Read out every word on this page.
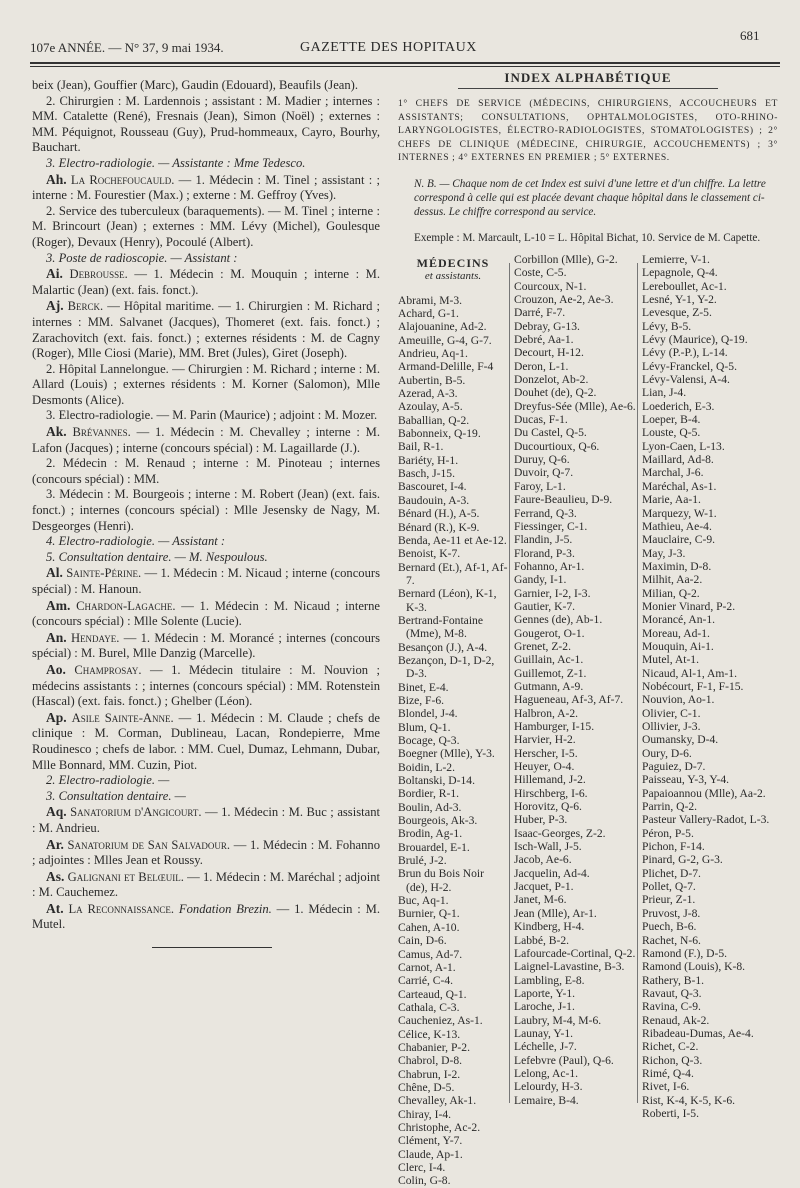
107e ANNÉE. — N° 37, 9 mai 1934.	GAZETTE DES HOPITAUX
681

beix (Jean), Gouffier (Marc), Gaudin (Edouard), Beaufils (Jean).

2. Chirurgien : M. Lardennois ; assistant : M. Madier ; internes : MM. Catalette (René), Fresnais (Jean), Simon (Noël) ; externes : MM. Péquignot, Rousseau (Guy), Prud-hommeaux, Cayro, Bourhy, Bauchart.

3. Electro-radiologie. — Assistante : Mme Tedesco.

Ah. La Rochefoucauld. — 1. Médecin : M. Tinel ; assistant : ; interne : M. Fourestier (Max.) ; externe : M. Geffroy (Yves).

2. Service des tuberculeux (baraquements). — M. Tinel ; interne : M. Brincourt (Jean) ; externes : MM. Lévy (Michel), Goulesque (Roger), Devaux (Henry), Pocoulé (Albert).

3. Poste de radioscopie. — Assistant :

Ai. Debrousse. — 1. Médecin : M. Mouquin ; interne : M. Malartic (Jean) (ext. fais. fonct.).

Aj. Berck. — Hôpital maritime. — 1. Chirurgien : M. Richard ; internes : MM. Salvanet (Jacques), Thomeret (ext. fais. fonct.) ; Zarachovitch (ext. fais. fonct.) ; externes résidents : M. de Cagny (Roger), Mlle Ciosi (Marie), MM. Bret (Jules), Giret (Joseph).

2. Hôpital Lannelongue. — Chirurgien : M. Richard ; interne : M. Allard (Louis) ; externes résidents : M. Korner (Salomon), Mlle Desmonts (Alice).

3. Electro-radiologie. — M. Parin (Maurice) ; adjoint : M. Mozer.

Ak. Brévannes. — 1. Médecin : M. Chevalley ; interne : M. Lafon (Jacques) ; interne (concours spécial) : M. Lagaillarde (J.).

2. Médecin : M. Renaud ; interne : M. Pinoteau ; internes (concours spécial) : MM.

3. Médecin : M. Bourgeois ; interne : M. Robert (Jean) (ext. fais. fonct.) ; internes (concours spécial) : Mlle Jesensky de Nagy, M. Desgeorges (Henri).

4. Electro-radiologie. — Assistant :

5. Consultation dentaire. — M. Nespoulous.

Al. Sainte-Périne. — 1. Médecin : M. Nicaud ; interne (concours spécial) : M. Hanoun.

Am. Chardon-Lagache. — 1. Médecin : M. Nicaud ; interne (concours spécial) : Mlle Solente (Lucie).

An. Hendaye. — 1. Médecin : M. Morancé ; internes (concours spécial) : M. Burel, Mlle Danzig (Marcelle).

Ao. Champrosay. — 1. Médecin titulaire : M. Nouvion ; médecins assistants : ; internes (concours spécial) : MM. Rotenstein (Hascal) (ext. fais. fonct.) ; Ghelber (Léon).

Ap. Asile Sainte-Anne. — 1. Médecin : M. Claude ; chefs de clinique : M. Corman, Dublineau, Lacan, Rondepierre, Mme Roudinesco ; chefs de labor. : MM. Cuel, Dumaz, Lehmann, Dubar, Mlle Bonnard, MM. Cuzin, Piot.

2. Electro-radiologie. —

3. Consultation dentaire. —

Aq. Sanatorium d'Angicourt. — 1. Médecin : M. Buc ; assistant : M. Andrieu.

Ar. Sanatorium de San Salvadour. — 1. Médecin : M. Fohanno ; adjointes : Mlles Jean et Roussy.

As. Galignani et Belœuil. — 1. Médecin : M. Maréchal ; adjoint : M. Cauchemez.

At. La Reconnaissance. Fondation Brezin. — 1. Médecin : M. Mutel.

INDEX ALPHABÉTIQUE

1° CHEFS DE SERVICE (MÉDECINS, CHIRURGIENS, ACCOUCHEURS ET ASSISTANTS; CONSULTATIONS, OPHTALMOLOGISTES, OTO-RHINO-LARYNGOLOGISTES, ÉLECTRO-RADIOLOGISTES, STOMATOLOGISTES) ; 2° CHEFS DE CLINIQUE (MÉDECINE, CHIRURGIE, ACCOUCHEMENTS) ; 3° INTERNES ; 4° EXTERNES EN PREMIER ; 5° EXTERNES.

N. B. — Chaque nom de cet Index est suivi d'une lettre et d'un chiffre. La lettre correspond à celle qui est placée devant chaque hôpital dans le classement ci-dessus. Le chiffre correspond au service.

Exemple : M. Marcault, L-10 = L. Hôpital Bichat, 10. Service de M. Capette.

MÉDECINS
et assistants.
Abrami, M-3.
Achard, G-1.
Alajouanine, Ad-2.
Ameuille, G-4, G-7.
Andrieu, Aq-1.
Armand-Delille, F-4
Aubertin, B-5.
Azerad, A-3.
Azoulay, A-5.
Baballian, Q-2.
Babonneix, Q-19.
Bail, R-1.
Bariéty, H-1.
Basch, J-15.
Bascouret, I-4.
Baudouin, A-3.
Bénard (H.), A-5.
Bénard (R.), K-9.
Benda, Ae-11 et Ae-12.
Benoist, K-7.
Bernard (Et.), Af-1, Af-7.
Bernard (Léon), K-1, K-3.
Bertrand-Fontaine (Mme), M-8.
Besançon (J.), A-4.
Bezançon, D-1, D-2, D-3.
Binet, E-4.
Bize, F-6.
Blondel, J-4.
Blum, Q-1.
Bocage, Q-3.
Boegner (Mlle), Y-3.
Boidin, L-2.
Boltanski, D-14.
Bordier, R-1.
Boulin, Ad-3.
Bourgeois, Ak-3.
Brodin, Ag-1.
Brouardel, E-1.
Brulé, J-2.
Brun du Bois Noir (de), H-2.
Buc, Aq-1.
Burnier, Q-1.
Cahen, A-10.
Cain, D-6.
Camus, Ad-7.
Carnot, A-1.
Carrié, C-4.
Carteaud, Q-1.
Cathala, C-3.
Caucheniez, As-1.
Célice, K-13.
Chabanier, P-2.
Chabrol, D-8.
Chabrun, I-2.
Chêne, D-5.
Chevalley, Ak-1.
Chiray, I-4.
Christophe, Ac-2.
Clément, Y-7.
Claude, Ap-1.
Clerc, I-4.
Colin, G-8.
Corbillon (Mlle), G-2.
Coste, C-5.
Courcoux, N-1.
Crouzon, Ae-2, Ae-3.
Darré, F-7.
Debray, G-13.
Debré, Aa-1.
Decourt, H-12.
Deron, L-1.
Donzelot, Ab-2.
Douhet (de), Q-2.
Dreyfus-Sée (Mlle), Ae-6.
Ducas, F-1.
Du Castel, Q-5.
Ducourtioux, Q-6.
Duruy, Q-6.
Duvoir, Q-7.
Faroy, L-1.
Faure-Beaulieu, D-9.
Ferrand, Q-3.
Fiessinger, C-1.
Flandin, J-5.
Florand, P-3.
Fohanno, Ar-1.
Gandy, I-1.
Garnier, I-2, I-3.
Gautier, K-7.
Gennes (de), Ab-1.
Gougerot, O-1.
Grenet, Z-2.
Guillain, Ac-1.
Guillemot, Z-1.
Gutmann, A-9.
Hagueneau, Af-3, Af-7.
Halbron, A-2.
Hamburger, I-15.
Harvier, H-2.
Herscher, I-5.
Heuyer, O-4.
Hillemand, J-2.
Hirschberg, I-6.
Horovitz, Q-6.
Huber, P-3.
Isaac-Georges, Z-2.
Isch-Wall, J-5.
Jacob, Ae-6.
Jacquelin, Ad-4.
Jacquet, P-1.
Janet, M-6.
Jean (Mlle), Ar-1.
Kindberg, H-4.
Labbé, B-2.
Lafourcade-Cortinal, Q-2.
Laignel-Lavastine, B-3.
Lambling, E-8.
Laporte, Y-1.
Laroche, J-1.
Laubry, M-4, M-6.
Launay, Y-1.
Léchelle, J-7.
Lefebvre (Paul), Q-6.
Lelong, Ac-1.
Lelourdy, H-3.
Lemaire, B-4.
Lemierre, V-1.
Lepagnole, Q-4.
Lereboullet, Ac-1.
Lesné, Y-1, Y-2.
Levesque, Z-5.
Lévy, B-5.
Lévy (Maurice), Q-19.
Lévy (P.-P.), L-14.
Lévy-Franckel, Q-5.
Lévy-Valensi, A-4.
Lian, J-4.
Loederich, E-3.
Loeper, B-4.
Louste, Q-5.
Lyon-Caen, L-13.
Maillard, Ad-8.
Marchal, J-6.
Maréchal, As-1.
Marie, Aa-1.
Marquezy, W-1.
Mathieu, Ae-4.
Mauclaire, C-9.
May, J-3.
Maximin, D-8.
Milhit, Aa-2.
Milian, Q-2.
Monier Vinard, P-2.
Morancé, An-1.
Moreau, Ad-1.
Mouquin, Ai-1.
Mutel, At-1.
Nicaud, Al-1, Am-1.
Nobécourt, F-1, F-15.
Nouvion, Ao-1.
Olivier, C-1.
Ollivier, J-3.
Oumansky, D-4.
Oury, D-6.
Paguiez, D-7.
Paisseau, Y-3, Y-4.
Papaioannou (Mlle), Aa-2.
Parrin, Q-2.
Pasteur Vallery-Radot, L-3.
Péron, P-5.
Pichon, F-14.
Pinard, G-2, G-3.
Plichet, D-7.
Pollet, Q-7.
Prieur, Z-1.
Pruvost, J-8.
Puech, B-6.
Rachet, N-6.
Ramond (F.), D-5.
Ramond (Louis), K-8.
Rathery, B-1.
Ravaut, Q-3.
Ravina, C-9.
Renaud, Ak-2.
Ribadeau-Dumas, Ae-4.
Richet, C-2.
Richon, Q-3.
Rimé, Q-4.
Rivet, I-6.
Rist, K-4, K-5, K-6.
Roberti, I-5.
